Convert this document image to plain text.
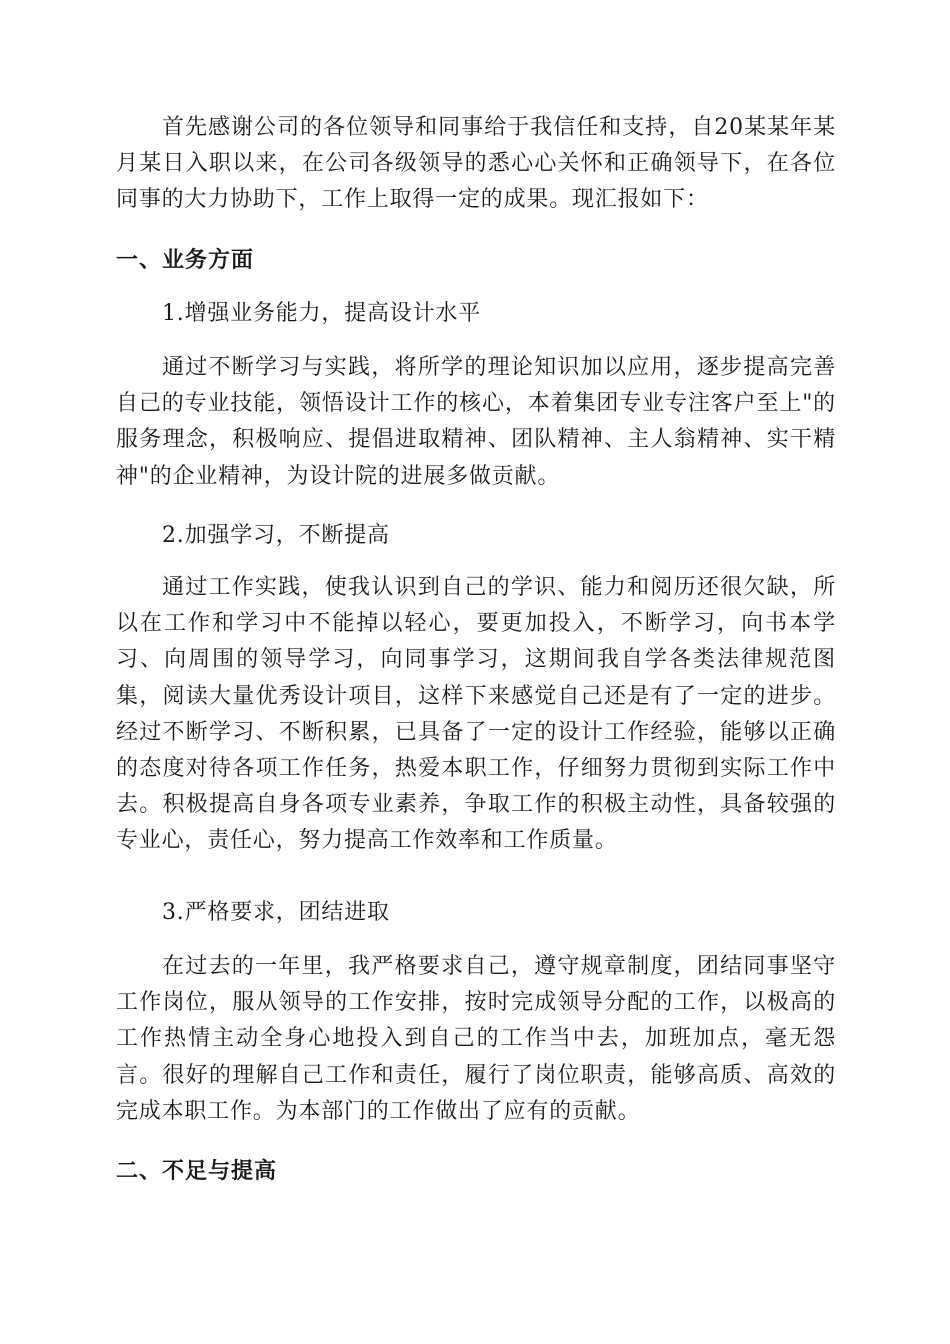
首先感谢公司的各位领导和同事给于我信任和支持，自20某某年某月某日入职以来，在公司各级领导的悉心心关怀和正确领导下，在各位同事的大力协助下，工作上取得一定的成果。现汇报如下：

一、业务方面
1.增强业务能力，提高设计水平

通过不断学习与实践，将所学的理论知识加以应用，逐步提高完善自己的专业技能，领悟设计工作的核心，本着集团专业专注客户至上"的服务理念，积极响应、提倡进取精神、团队精神、主人翁精神、实干精神"的企业精神，为设计院的进展多做贡献。

2.加强学习，不断提高

通过工作实践，使我认识到自己的学识、能力和阅历还很欠缺，所以在工作和学习中不能掉以轻心，要更加投入，不断学习，向书本学习、向周围的领导学习，向同事学习，这期间我自学各类法律规范图集，阅读大量优秀设计项目，这样下来感觉自己还是有了一定的进步。经过不断学习、不断积累，已具备了一定的设计工作经验，能够以正确的态度对待各项工作任务，热爱本职工作，仔细努力贯彻到实际工作中去。积极提高自身各项专业素养，争取工作的积极主动性，具备较强的专业心，责任心，努力提高工作效率和工作质量。

3.严格要求，团结进取

在过去的一年里，我严格要求自己，遵守规章制度，团结同事坚守工作岗位，服从领导的工作安排，按时完成领导分配的工作，以极高的工作热情主动全身心地投入到自己的工作当中去，加班加点，毫无怨言。很好的理解自己工作和责任，履行了岗位职责，能够高质、高效的完成本职工作。为本部门的工作做出了应有的贡献。

二、不足与提高
